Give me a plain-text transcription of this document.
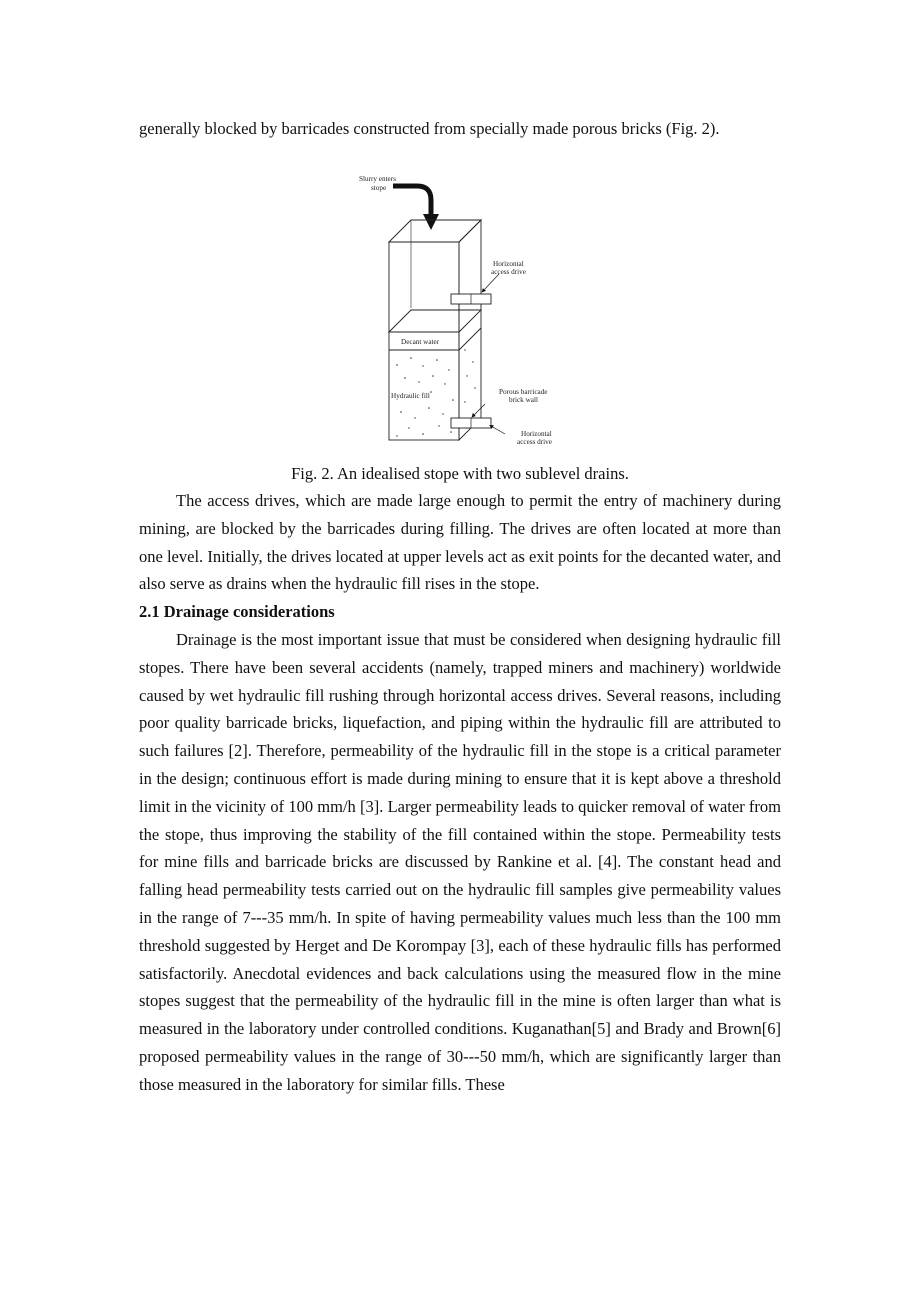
generally blocked by barricades constructed from specially made porous bricks (Fig. 2).

Slurry enters
stope
Decant water
Hydraulic fill
Horizontal
access drive
Porous barricade
brick wall
Horizontal
access drive
Fig. 2. An idealised stope with two sublevel drains.

The access drives, which are made large enough to permit the entry of machinery during mining, are blocked by the barricades during filling. The drives are often located at more than one level. Initially, the drives located at upper levels act as exit points for the decanted water, and also serve as drains when the hydraulic fill rises in the stope.

2.1 Drainage considerations

Drainage is the most important issue that must be considered when designing hydraulic fill stopes. There have been several accidents (namely, trapped miners and machinery) worldwide caused by wet hydraulic fill rushing through horizontal access drives. Several reasons, including poor quality barricade bricks, liquefaction, and piping within the hydraulic fill are attributed to such failures [2]. Therefore, permeability of the hydraulic fill in the stope is a critical parameter in the design; continuous effort is made during mining to ensure that it is kept above a threshold limit in the vicinity of 100 mm/h [3]. Larger permeability leads to quicker removal of water from the stope, thus improving the stability of the fill contained within the stope. Permeability tests for mine fills and barricade bricks are discussed by Rankine et al. [4]. The constant head and falling head permeability tests carried out on the hydraulic fill samples give permeability values in the range of 7---35 mm/h. In spite of having permeability values much less than the 100 mm threshold suggested by Herget and De Korompay [3], each of these hydraulic fills has performed satisfactorily. Anecdotal evidences and back calculations using the measured flow in the mine stopes suggest that the permeability of the hydraulic fill in the mine is often larger than what is measured in the laboratory under controlled conditions. Kuganathan[5] and Brady and Brown[6] proposed permeability values in the range of 30---50 mm/h, which are significantly larger than those measured in the laboratory for similar fills. These
